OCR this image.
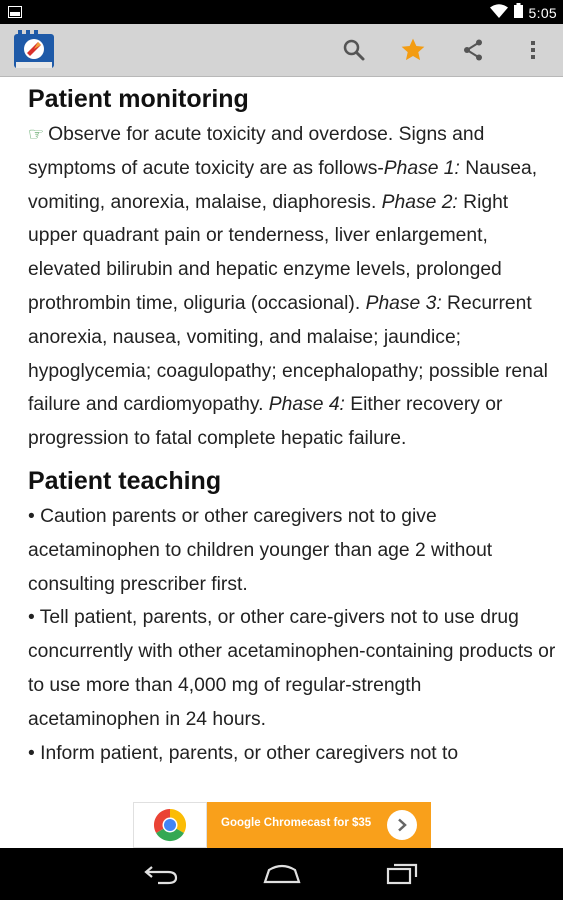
5:05
Patient monitoring

☞ Observe for acute toxicity and overdose. Signs and symptoms of acute toxicity are as follows-Phase 1: Nausea, vomiting, anorexia, malaise, diaphoresis. Phase 2: Right upper quadrant pain or tenderness, liver enlargement, elevated bilirubin and hepatic enzyme levels, prolonged prothrombin time, oliguria (occasional). Phase 3: Recurrent anorexia, nausea, vomiting, and malaise; jaundice; hypoglycemia; coagulopathy; encephalopathy; possible renal failure and cardiomyopathy. Phase 4: Either recovery or progression to fatal complete hepatic failure.

Patient teaching

• Caution parents or other caregivers not to give acetaminophen to children younger than age 2 without consulting prescriber first.

• Tell patient, parents, or other care-givers not to use drug concurrently with other acetaminophen-containing products or to use more than 4,000 mg of regular-strength acetaminophen in 24 hours.

• Inform patient, parents, or other caregivers not to

Google Chromecast for $35
